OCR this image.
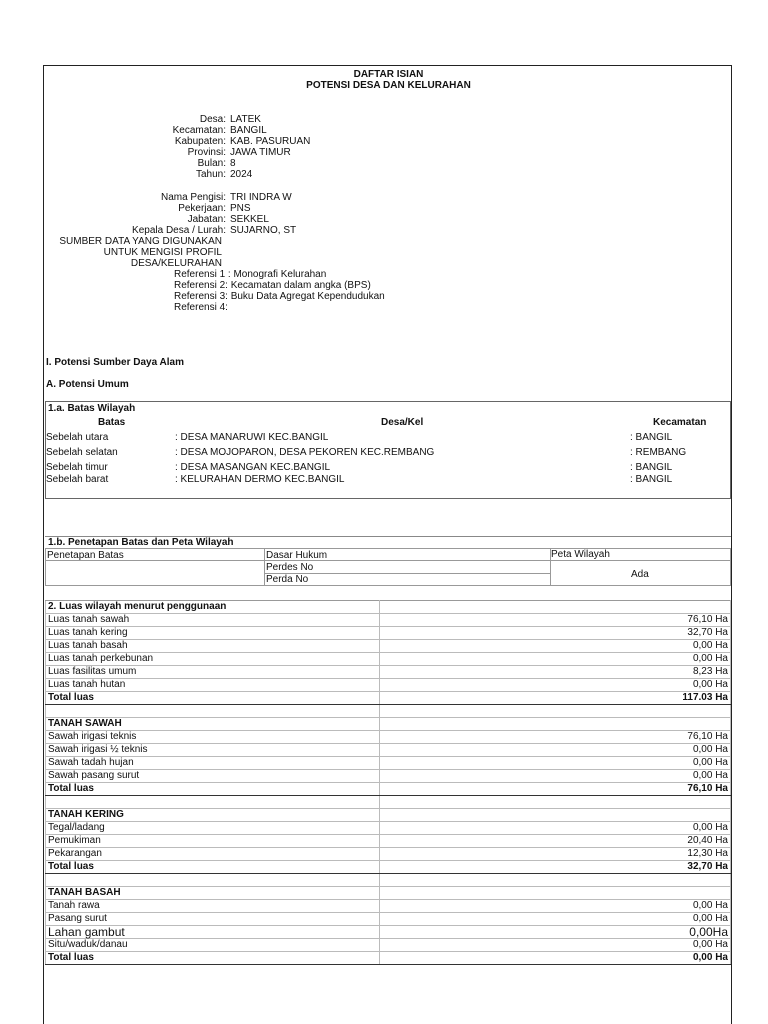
DAFTAR ISIAN
POTENSI DESA DAN KELURAHAN
Desa: LATEK
Kecamatan: BANGIL
Kabupaten: KAB. PASURUAN
Provinsi: JAWA TIMUR
Bulan: 8
Tahun: 2024
Nama Pengisi: TRI INDRA W
Pekerjaan: PNS
Jabatan: SEKKEL
Kepala Desa / Lurah: SUJARNO, ST
SUMBER DATA YANG DIGUNAKAN
UNTUK MENGISI PROFIL
DESA/KELURAHAN
Referensi 1 : Monografi Kelurahan
Referensi 2: Kecamatan dalam angka (BPS)
Referensi 3: Buku Data Agregat Kependudukan
Referensi 4:
I. Potensi Sumber Daya Alam
A. Potensi Umum
1.a. Batas Wilayah
Batas	Desa/Kel	Kecamatan
Sebelah utara	: DESA MANARUWI KEC.BANGIL	: BANGIL
Sebelah selatan	: DESA MOJOPARON, DESA PEKOREN KEC.REMBANG	: REMBANG
Sebelah timur	: DESA MASANGAN KEC.BANGIL	: BANGIL
Sebelah barat	: KELURAHAN DERMO KEC.BANGIL	: BANGIL
1.b. Penetapan Batas dan Peta Wilayah
Penetapan Batas	Dasar Hukum	Peta Wilayah
Perdes No
Perda No	Ada
2. Luas wilayah menurut penggunaan	
Luas tanah sawah	76,10 Ha
Luas tanah kering	32,70 Ha
Luas tanah basah	0,00 Ha
Luas tanah perkebunan	0,00 Ha
Luas fasilitas umum	8,23 Ha
Luas tanah hutan	0,00 Ha
Total luas	117.03 Ha

TANAH SAWAH	
Sawah irigasi teknis	76,10 Ha
Sawah irigasi ½ teknis	0,00 Ha
Sawah tadah hujan	0,00 Ha
Sawah pasang surut	0,00 Ha
Total luas	76,10 Ha

TANAH KERING	
Tegal/ladang	0,00 Ha
Pemukiman	20,40 Ha
Pekarangan	12,30 Ha
Total luas	32,70 Ha

TANAH BASAH	
Tanah rawa	0,00 Ha
Pasang surut	0,00 Ha
Lahan gambut	0,00Ha
Situ/waduk/danau	0,00 Ha
Total luas	0,00 Ha
